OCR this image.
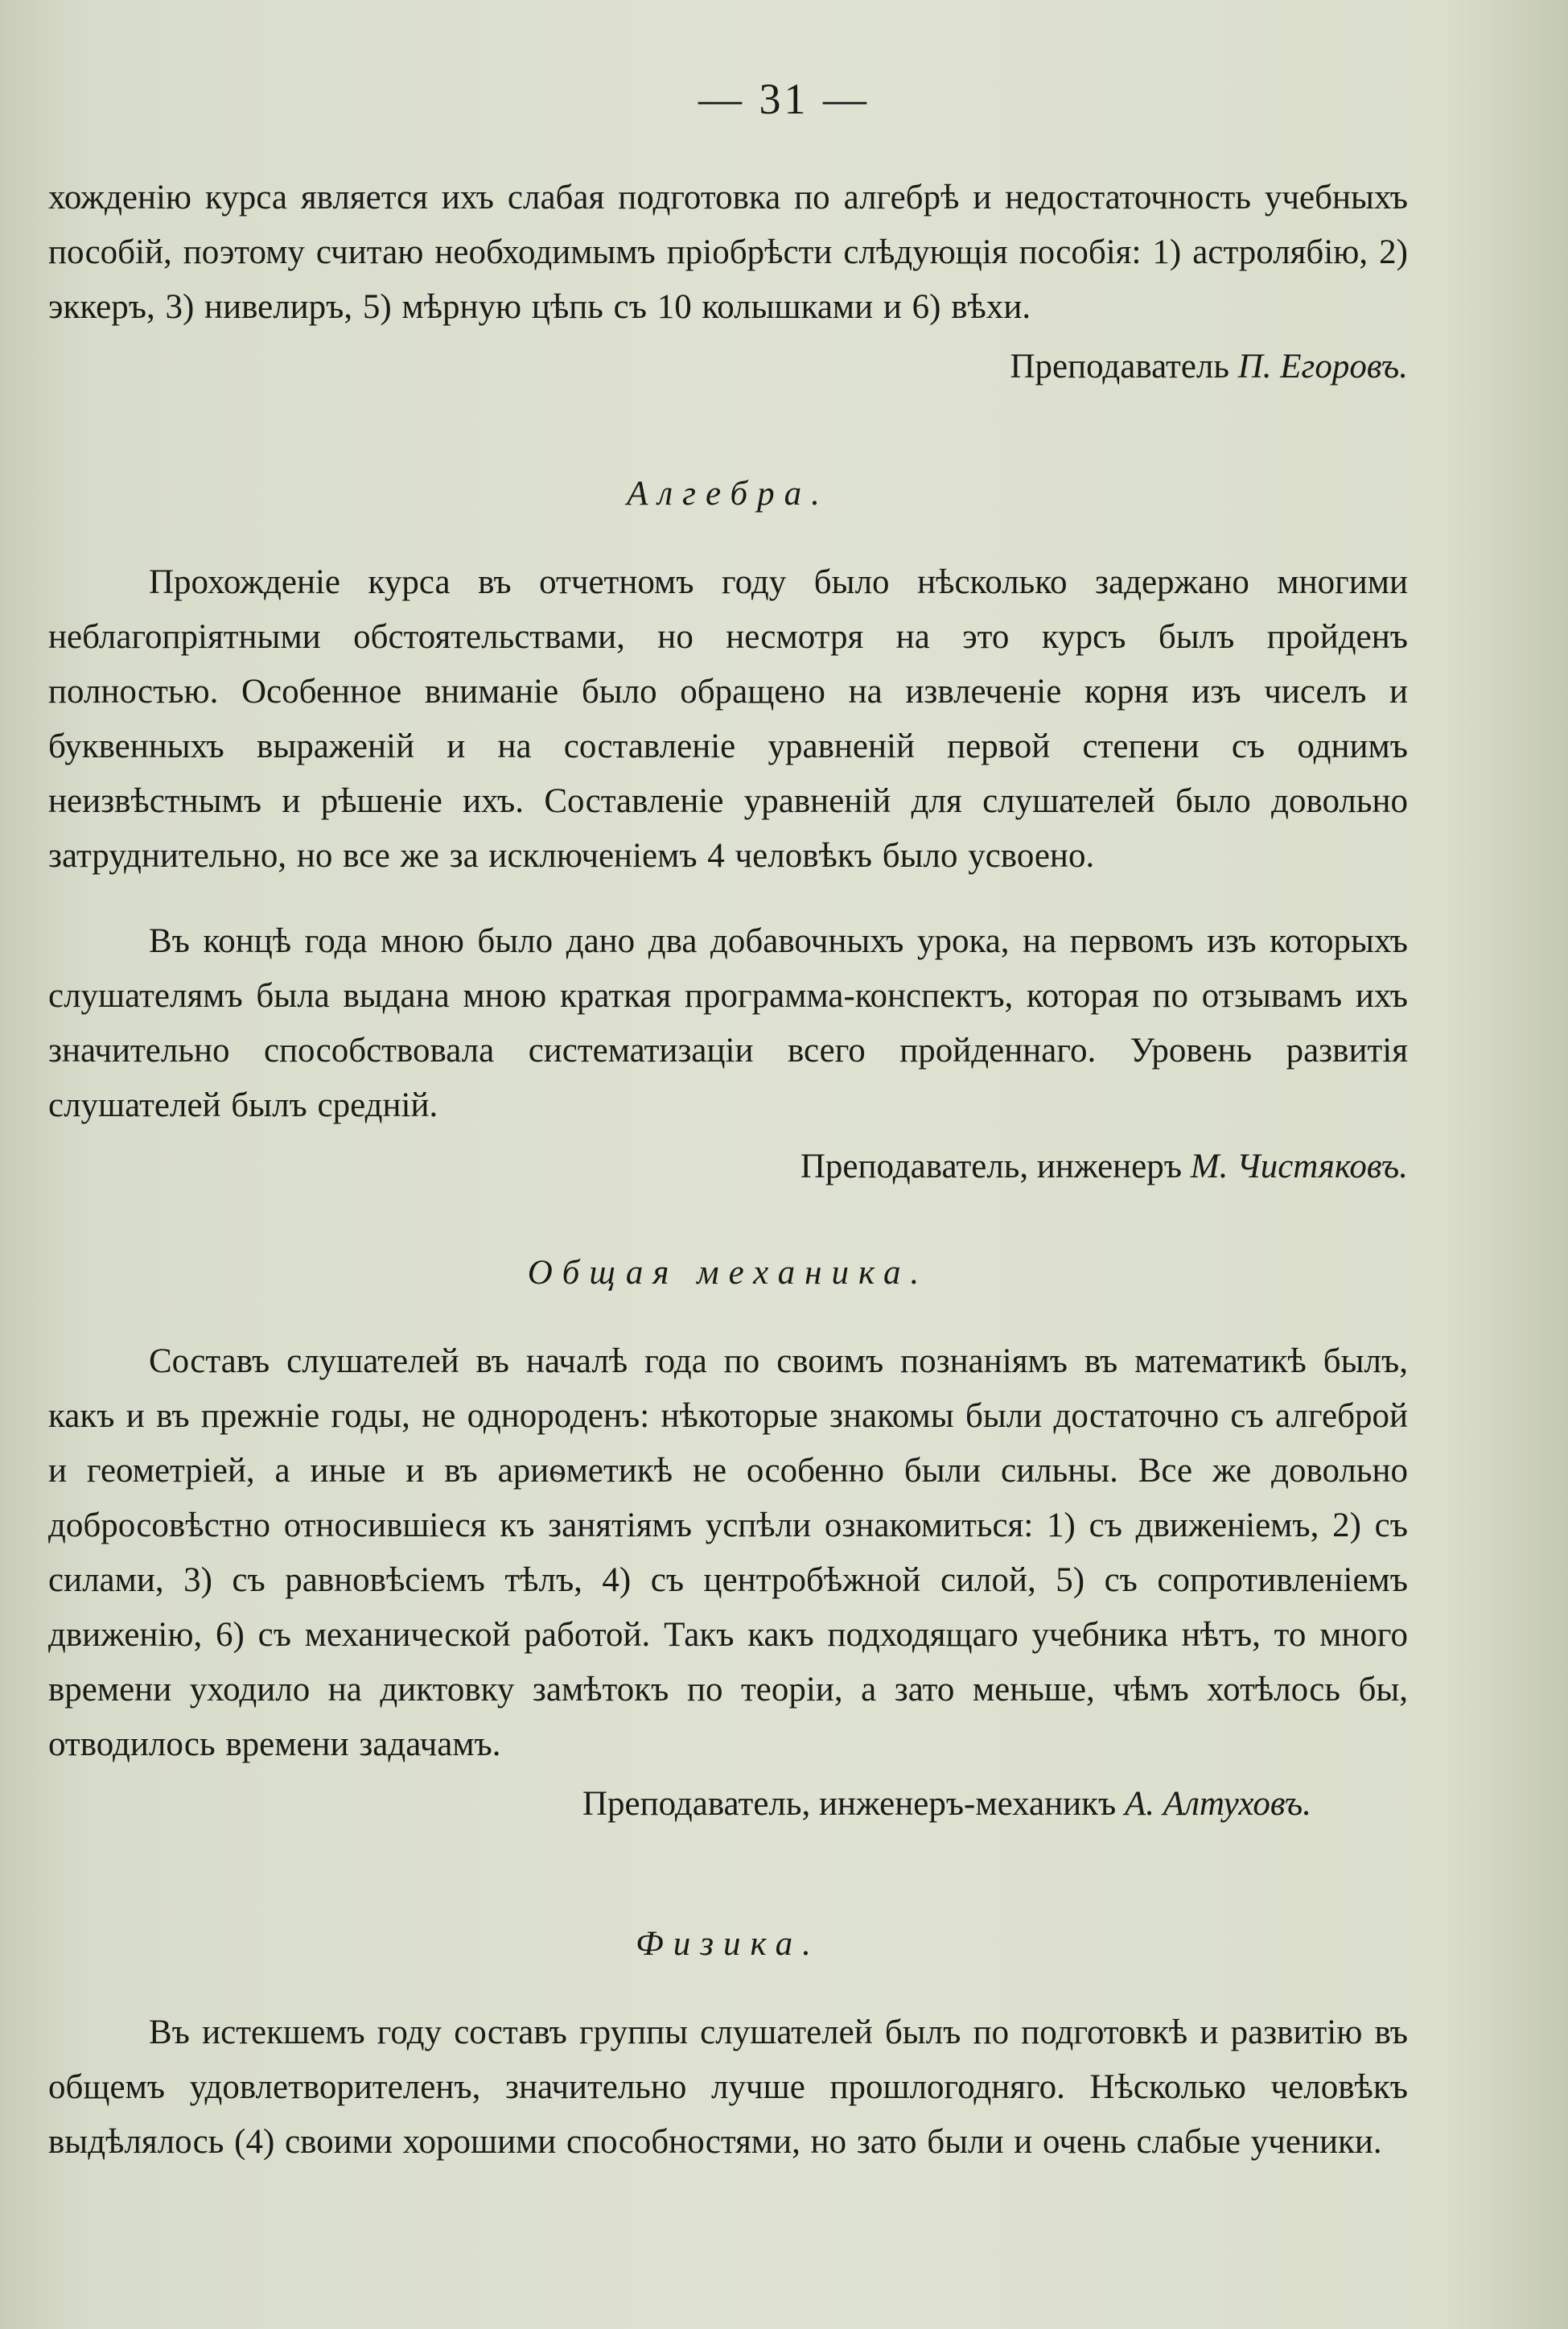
— 31 —

хожденію курса является ихъ слабая подготовка по алгебрѣ и недостаточность учебныхъ пособій, поэтому считаю необходимымъ пріобрѣсти слѣдующія пособія: 1) астролябію, 2) эккеръ, 3) нивелиръ, 5) мѣрную цѣпь съ 10 колышками и 6) вѣхи.

Преподаватель П. Егоровъ.

Алгебра.

Прохожденіе курса въ отчетномъ году было нѣсколько задержано многими неблагопріятными обстоятельствами, но несмотря на это курсъ былъ пройденъ полностью. Особенное вниманіе было обращено на извлеченіе корня изъ чиселъ и буквенныхъ выраженій и на составленіе уравненій первой степени съ однимъ неизвѣстнымъ и рѣшеніе ихъ. Составленіе уравненій для слушателей было довольно затруднительно, но все же за исключеніемъ 4 человѣкъ было усвоено.

Въ концѣ года мною было дано два добавочныхъ урока, на первомъ изъ которыхъ слушателямъ была выдана мною краткая программа-конспектъ, которая по отзывамъ ихъ значительно способствовала систематизаціи всего пройденнаго. Уровень развитія слушателей былъ средній.

Преподаватель, инженеръ М. Чистяковъ.

Общая механика.

Составъ слушателей въ началѣ года по своимъ познаніямъ въ математикѣ былъ, какъ и въ прежніе годы, не однороденъ: нѣкоторые знакомы были достаточно съ алгеброй и геометріей, а иные и въ ариѳметикѣ не особенно были сильны. Все же довольно добросовѣстно относившіеся къ занятіямъ успѣли ознакомиться: 1) съ движеніемъ, 2) съ силами, 3) съ равновѣсіемъ тѣлъ, 4) съ центробѣжной силой, 5) съ сопротивленіемъ движенію, 6) съ механической работой. Такъ какъ подходящаго учебника нѣтъ, то много времени уходило на диктовку замѣтокъ по теоріи, а зато меньше, чѣмъ хотѣлось бы, отводилось времени задачамъ.

Преподаватель, инженеръ-механикъ А. Алтуховъ.

Физика.

Въ истекшемъ году составъ группы слушателей былъ по подготовкѣ и развитію въ общемъ удовлетворителенъ, значительно лучше прошлогодняго. Нѣсколько человѣкъ выдѣлялось (4) своими хорошими способностями, но зато были и очень слабые ученики.
